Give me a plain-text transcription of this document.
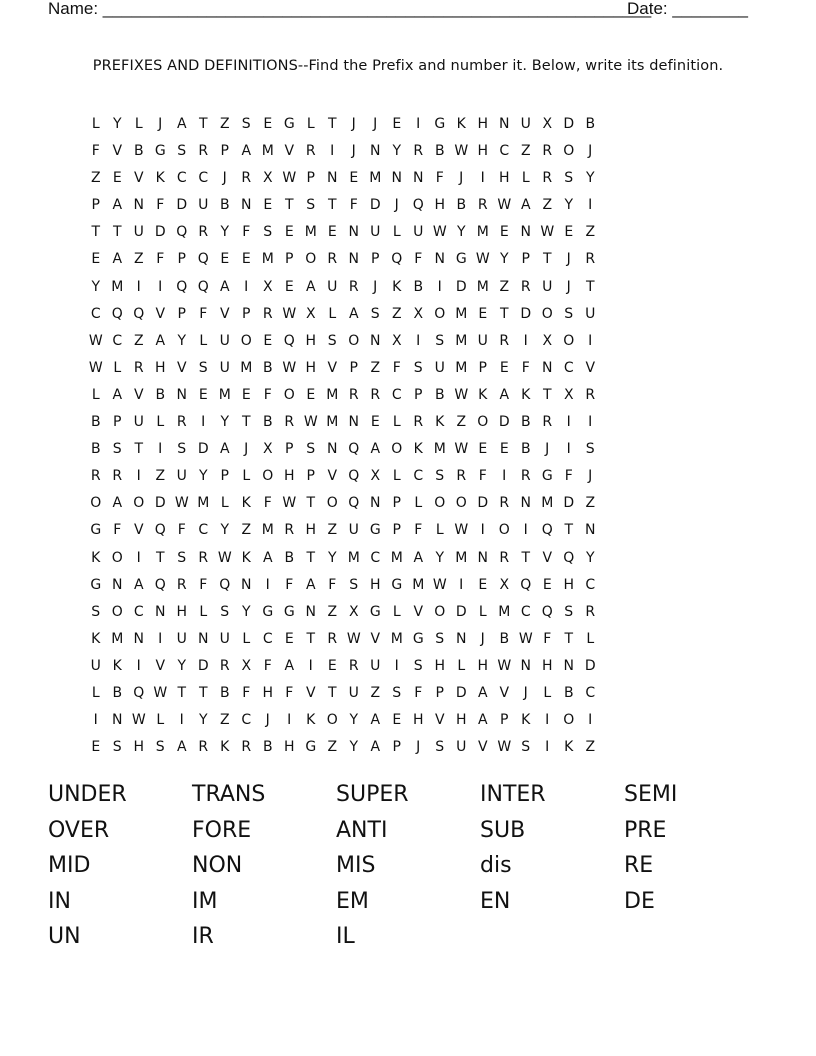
Name: __________________________________________________________
Date: ________
PREFIXES AND DEFINITIONS--Find the Prefix and number it. Below, write its definition.
L Y L	J	A T Z S E G L T	J	J	E	I	G K H N U X D B
F V B G S R P A M V R	I	J	N Y R B W H C Z R O J
Z E V K C C	J	R X W P N E M N N F	J	I	H L R S Y
P A N F D U B N E T S T F D	J Q H B R W A Z Y	I
T T U D Q R Y F S E M E N U L U W Y M E N W E Z
E A Z F P Q E E M P O R N P Q F N G W Y P T	J	R
Y M I	I Q Q A	I	X E A U R	J	K B	I	D M Z R U	J	T
C Q Q V P F V P R W X L A S Z X O M E T D O S U
W C Z A Y L U O E Q H S O N X	I	S M U R	I	X O I
W L R H V S U M B W H V P Z F S U M P E F N C V
L A V B N E M E F O E M R R C P B W K A K T X R
B P U L R	I	Y T B R W M N E L R K Z O D B R	I	I
B S T	I	S D A	J	X P S N Q A O K M W E E B	J	I	S
R R	I	Z U Y P L O H P V Q X L C S R F	I	R G F	J
O A O D W M L K F W T O Q N P L O O D R N M D Z
G F V Q F C Y Z M R H Z U G P F L W I O I Q T N
K O I	T S R W K A B T Y M C M A Y M N R T V Q Y
G N A Q R F Q N	I	F A F S H G M W I	E X Q E H C
S O C N H L S Y G G N Z X G L V O D L M C Q S R
K M N	I	U N U L C E T R W V M G S N	J	B W F T L
U K	I	V Y D R X F A	I	E R U	I	S H L H W N H N D
L B Q W T T B F H F V T U Z S F P D A V	J	L B C
I	N W L	I	Y Z C	J	I	K O Y A E H V H A P K	I O I
E S H S A R K R B H G Z Y A P	J	S U V W S	I	K Z
UNDER	TRANS	SUPER	INTER	SEMI
OVER	FORE	ANTI	SUB	PRE
MID	NON	MIS	dis	RE
IN	IM	EM	EN	DE
UN	IR	IL
